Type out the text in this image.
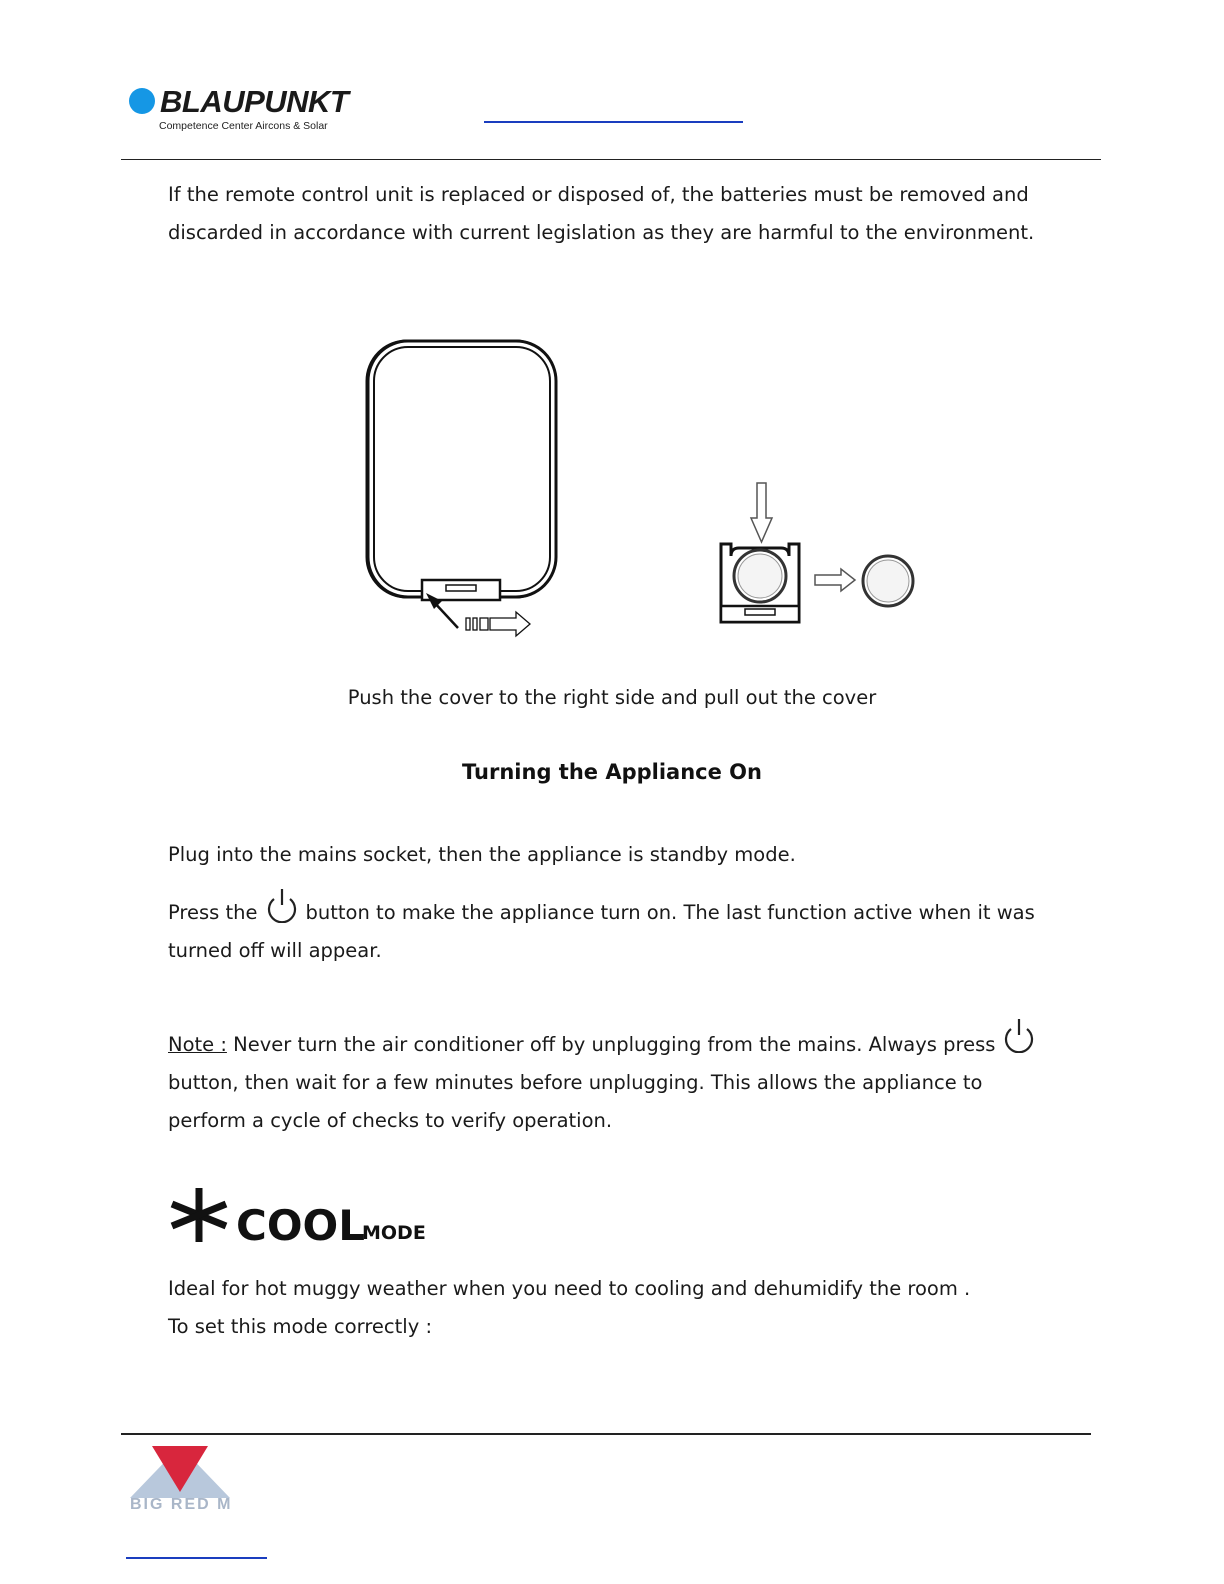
BLAUPUNKT
Competence Center Aircons & Solar
If the remote control unit is replaced or disposed of, the batteries must be removed and discarded in accordance with current legislation as they are harmful to the environment.
Push the cover to the right side and pull out the cover
Turning the Appliance On
Plug into the mains socket, then the appliance is standby mode.
Press the button to make the appliance turn on. The last function active when it was turned off will appear.
Note : Never turn the air conditioner off by unplugging from the mains. Always press button, then wait for a few minutes before unplugging. This allows the appliance to perform a cycle of checks to verify operation.
COOL
MODE
Ideal for hot muggy weather when you need to cooling and dehumidify the room .
To set this mode correctly :
BIG RED M
